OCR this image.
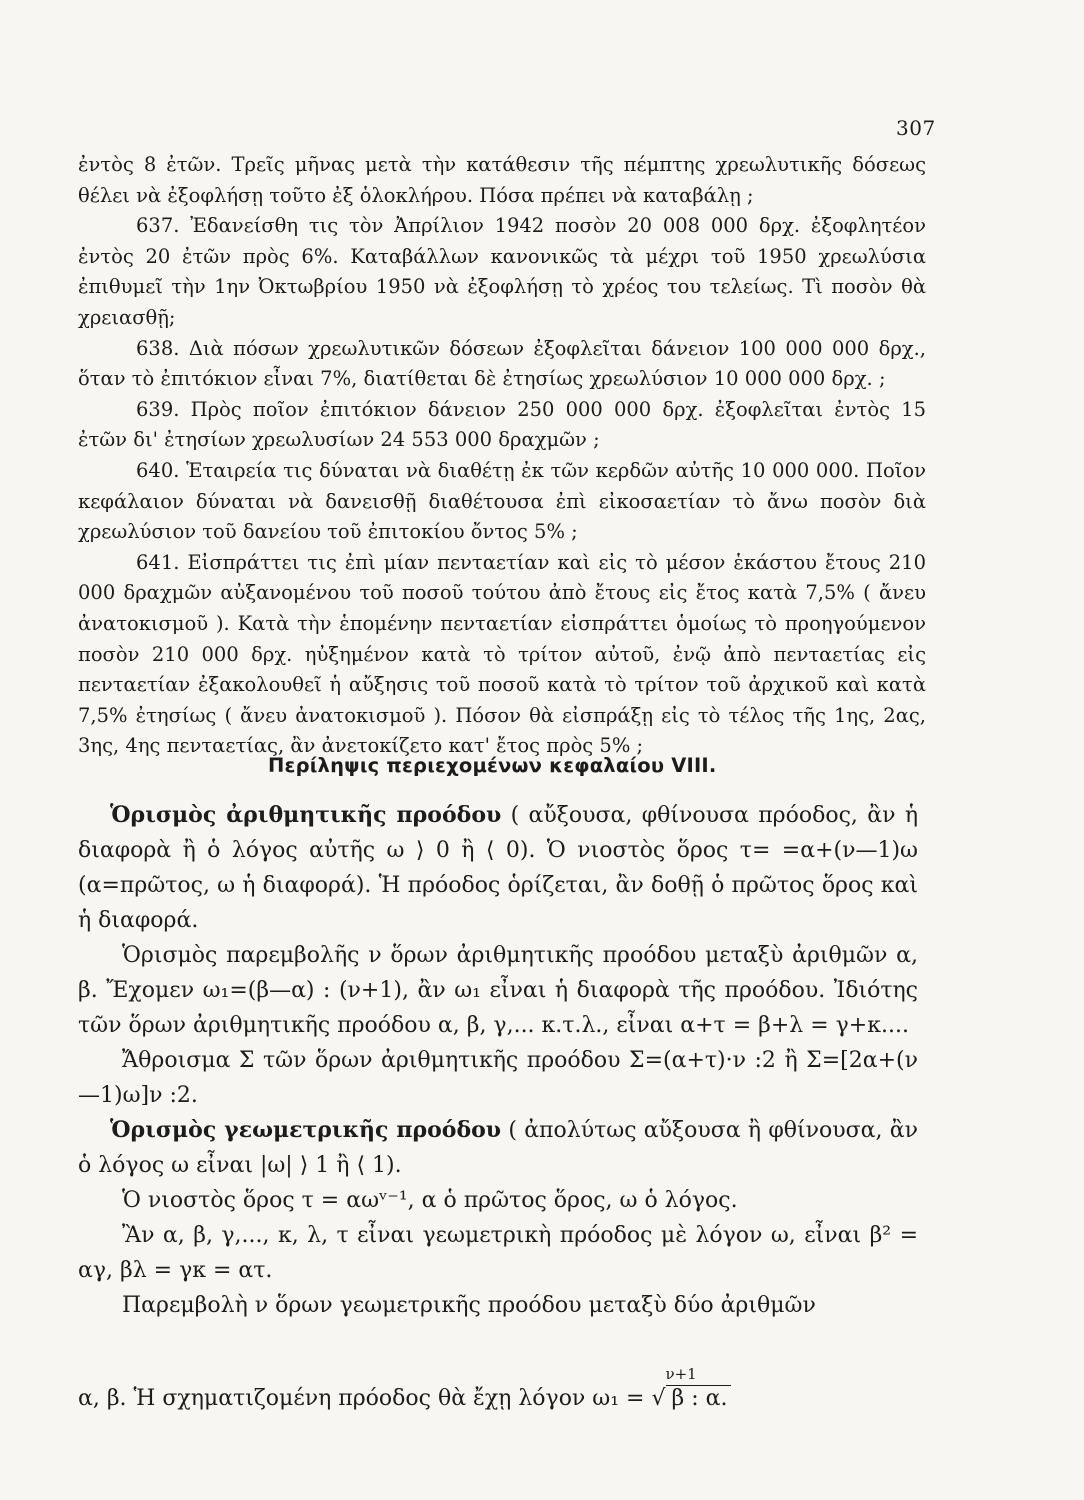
307

ἐντὸς 8 ἐτῶν. Τρεῖς μῆνας μετὰ τὴν κατάθεσιν τῆς πέμπτης χρεωλυτικῆς δόσεως θέλει νὰ ἐξοφλήσῃ τοῦτο ἐξ ὁλοκλήρου. Πόσα πρέπει νὰ καταβάλῃ ;

637. Ἐδανείσθη τις τὸν Ἀπρίλιον 1942 ποσὸν 20 008 000 δρχ. ἐξοφλητέον ἐντὸς 20 ἐτῶν πρὸς 6%. Καταβάλλων κανονικῶς τὰ μέχρι τοῦ 1950 χρεωλύσια ἐπιθυμεῖ τὴν 1ην Ὀκτωβρίου 1950 νὰ ἐξοφλήσῃ τὸ χρέος του τελείως. Τὶ ποσὸν θὰ χρειασθῇ;

638. Διὰ πόσων χρεωλυτικῶν δόσεων ἐξοφλεῖται δάνειον 100 000 000 δρχ., ὅταν τὸ ἐπιτόκιον εἶναι 7%, διατίθεται δὲ ἐτησίως χρεωλύσιον 10 000 000 δρχ. ;

639. Πρὸς ποῖον ἐπιτόκιον δάνειον 250 000 000 δρχ. ἐξοφλεῖται ἐντὸς 15 ἐτῶν δι' ἐτησίων χρεωλυσίων 24 553 000 δραχμῶν ;

640. Ἑταιρεία τις δύναται νὰ διαθέτῃ ἐκ τῶν κερδῶν αὐτῆς 10 000 000. Ποῖον κεφάλαιον δύναται νὰ δανεισθῇ διαθέτουσα ἐπὶ εἰκοσαετίαν τὸ ἄνω ποσὸν διὰ χρεωλύσιον τοῦ δανείου τοῦ ἐπιτοκίου ὄντος 5% ;

641. Εἰσπράττει τις ἐπὶ μίαν πενταετίαν καὶ εἰς τὸ μέσον ἑκάστου ἔτους 210 000 δραχμῶν αὐξανομένου τοῦ ποσοῦ τούτου ἀπὸ ἔτους εἰς ἔτος κατὰ 7,5% ( ἄνευ ἀνατοκισμοῦ ). Κατὰ τὴν ἑπομένην πενταετίαν εἰσπράττει ὁμοίως τὸ προηγούμενον ποσὸν 210 000 δρχ. ηὐξημένον κατὰ τὸ τρίτον αὐτοῦ, ἐνῷ ἀπὸ πενταετίας εἰς πενταετίαν ἐξακολουθεῖ ἡ αὔξησις τοῦ ποσοῦ κατὰ τὸ τρίτον τοῦ ἀρχικοῦ καὶ κατὰ 7,5% ἐτησίως ( ἄνευ ἀνατοκισμοῦ ). Πόσον θὰ εἰσπράξῃ εἰς τὸ τέλος τῆς 1ης, 2ας, 3ης, 4ης πενταετίας, ἂν ἀνετοκίζετο κατ' ἔτος πρὸς 5% ;

Περίληψις περιεχομένων κεφαλαίου VIII.

Ὁρισμὸς ἀριθμητικῆς προόδου ( αὔξουσα, φθίνουσα πρόοδος, ἂν ἡ διαφορὰ ἢ ὁ λόγος αὐτῆς ω ⟩ 0 ἢ ⟨ 0). Ὁ νιοστὸς ὅρος τ= =α+(ν—1)ω (α=πρῶτος, ω ἡ διαφορά). Ἡ πρόοδος ὁρίζεται, ἂν δοθῇ ὁ πρῶτος ὅρος καὶ ἡ διαφορά.

Ὁρισμὸς παρεμβολῆς ν ὅρων ἀριθμητικῆς προόδου μεταξὺ ἀριθμῶν α, β. Ἔχομεν ω₁=(β—α) : (ν+1), ἂν ω₁ εἶναι ἡ διαφορὰ τῆς προόδου. Ἰδιότης τῶν ὅρων ἀριθμητικῆς προόδου α, β, γ,... κ.τ.λ., εἶναι α+τ = β+λ = γ+κ....

Ἄθροισμα Σ τῶν ὅρων ἀριθμητικῆς προόδου Σ=(α+τ)·ν :2 ἢ Σ=[2α+(ν—1)ω]ν :2.

Ὁρισμὸς γεωμετρικῆς προόδου ( ἀπολύτως αὔξουσα ἢ φθίνουσα, ἂν ὁ λόγος ω εἶναι |ω| ⟩ 1 ἢ ⟨ 1).

Ὁ νιοστὸς ὅρος τ = αωᵛ⁻¹, α ὁ πρῶτος ὅρος, ω ὁ λόγος.

Ἂν α, β, γ,..., κ, λ, τ εἶναι γεωμετρικὴ πρόοδος μὲ λόγον ω, εἶναι β² = αγ, βλ = γκ = ατ.

Παρεμβολὴ ν ὅρων γεωμετρικῆς προόδου μεταξὺ δύο ἀριθμῶν

α, β. Ἡ σχηματιζομένη πρόοδος θὰ ἔχῃ λόγον ω₁ = √
ν+1
β : α.
